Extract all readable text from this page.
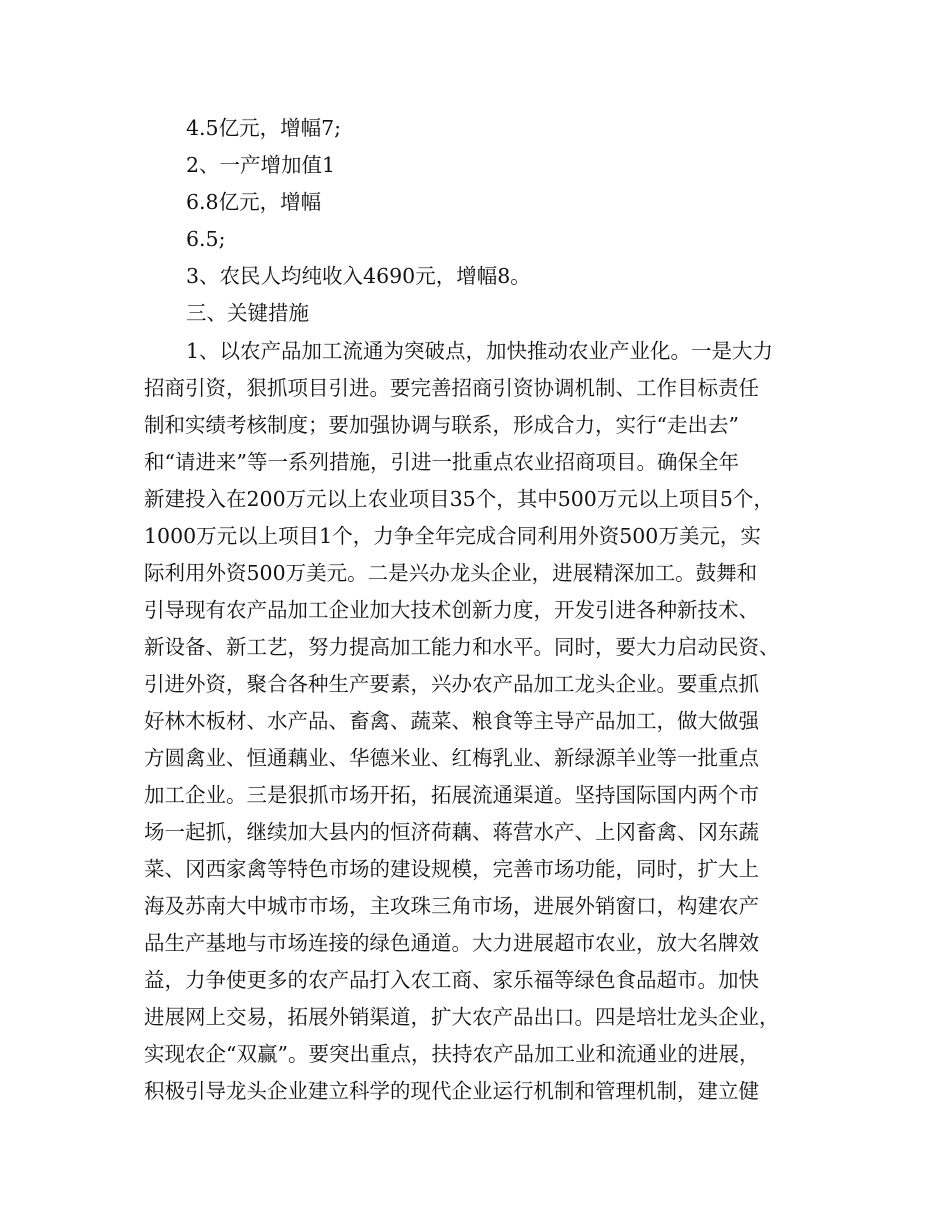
4.5亿元，增幅7;
2、一产增加值1
6.8亿元，增幅
6.5;
3、农民人均纯收入4690元，增幅8。
三、关键措施
1、以农产品加工流通为突破点，加快推动农业产业化。一是大力
招商引资，狠抓项目引进。要完善招商引资协调机制、工作目标责任
制和实绩考核制度；要加强协调与联系，形成合力，实行“走出去”
和“请进来”等一系列措施，引进一批重点农业招商项目。确保全年
新建投入在200万元以上农业项目35个，其中500万元以上项目5个，
1000万元以上项目1个，力争全年完成合同利用外资500万美元，实
际利用外资500万美元。二是兴办龙头企业，进展精深加工。鼓舞和
引导现有农产品加工企业加大技术创新力度，开发引进各种新技术、
新设备、新工艺，努力提高加工能力和水平。同时，要大力启动民资、
引进外资，聚合各种生产要素，兴办农产品加工龙头企业。要重点抓
好林木板材、水产品、畜禽、蔬菜、粮食等主导产品加工，做大做强
方圆禽业、恒通藕业、华德米业、红梅乳业、新绿源羊业等一批重点
加工企业。三是狠抓市场开拓，拓展流通渠道。坚持国际国内两个市
场一起抓，继续加大县内的恒济荷藕、蒋营水产、上冈畜禽、冈东蔬
菜、冈西家禽等特色市场的建设规模，完善市场功能，同时，扩大上
海及苏南大中城市市场，主攻珠三角市场，进展外销窗口，构建农产
品生产基地与市场连接的绿色通道。大力进展超市农业，放大名牌效
益，力争使更多的农产品打入农工商、家乐福等绿色食品超市。加快
进展网上交易，拓展外销渠道，扩大农产品出口。四是培壮龙头企业，
实现农企“双赢”。要突出重点，扶持农产品加工业和流通业的进展，
积极引导龙头企业建立科学的现代企业运行机制和管理机制，建立健
